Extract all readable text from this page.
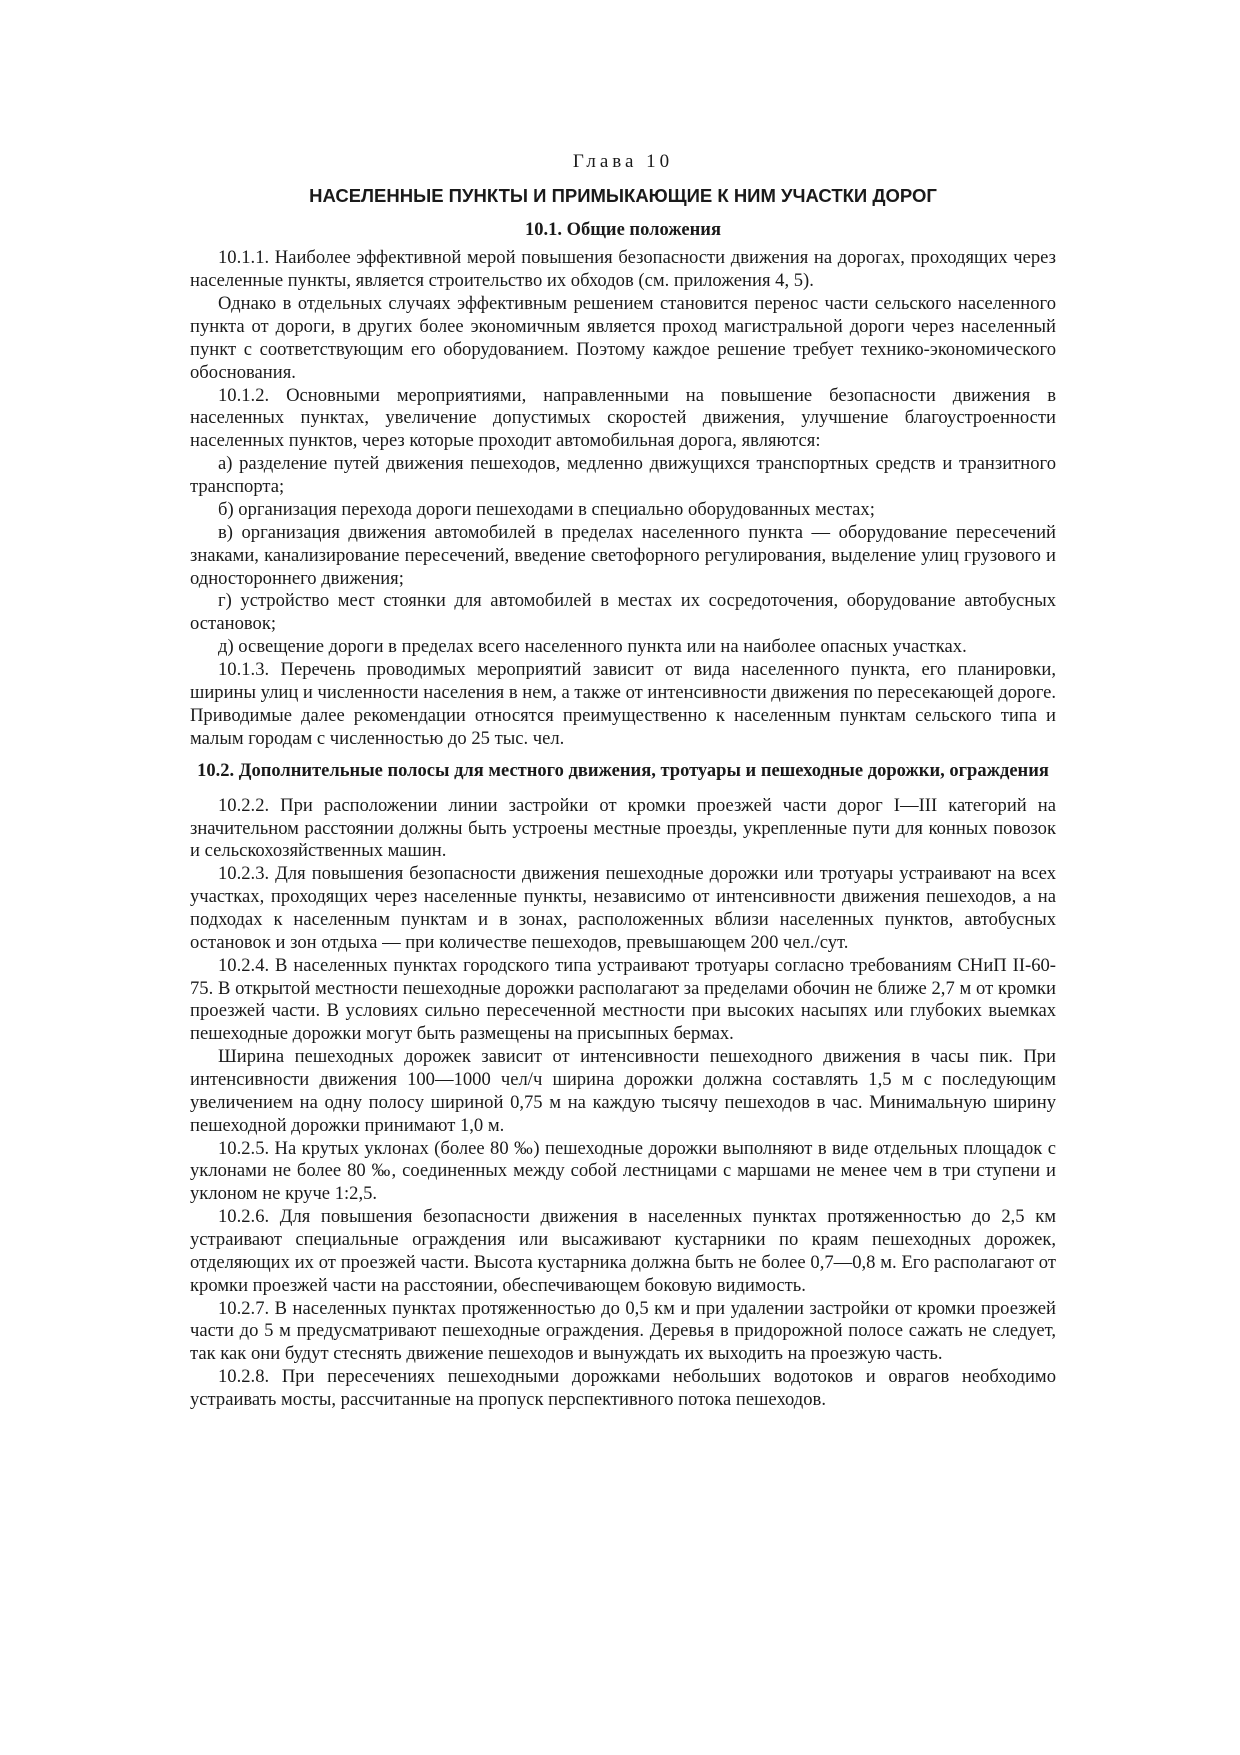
Глава 10
НАСЕЛЕННЫЕ ПУНКТЫ И ПРИМЫКАЮЩИЕ К НИМ УЧАСТКИ ДОРОГ
10.1. Общие положения

10.1.1. Наиболее эффективной мерой повышения безопасности движения на дорогах, проходящих через населенные пункты, является строительство их обходов (см. приложения 4, 5).

Однако в отдельных случаях эффективным решением становится перенос части сельского населенного пункта от дороги, в других более экономичным является проход магистральной дороги через населенный пункт с соответствующим его оборудованием. Поэтому каждое решение требует технико-экономического обоснования.

10.1.2. Основными мероприятиями, направленными на повышение безопасности движения в населенных пунктах, увеличение допустимых скоростей движения, улучшение благоустроенности населенных пунктов, через которые проходит автомобильная дорога, являются:

а) разделение путей движения пешеходов, медленно движущихся транспортных средств и транзитного транспорта;

б) организация перехода дороги пешеходами в специально оборудованных местах;

в) организация движения автомобилей в пределах населенного пункта — оборудование пересечений знаками, канализирование пересечений, введение светофорного регулирования, выделение улиц грузового и одностороннего движения;

г) устройство мест стоянки для автомобилей в местах их сосредоточения, оборудование автобусных остановок;

д) освещение дороги в пределах всего населенного пункта или на наиболее опасных участках.

10.1.3. Перечень проводимых мероприятий зависит от вида населенного пункта, его планировки, ширины улиц и численности населения в нем, а также от интенсивности движения по пересекающей дороге. Приводимые далее рекомендации относятся преимущественно к населенным пунктам сельского типа и малым городам с численностью до 25 тыс. чел.

10.2. Дополнительные полосы для местного движения, тротуары и пешеходные дорожки, ограждения

10.2.2. При расположении линии застройки от кромки проезжей части дорог I—III категорий на значительном расстоянии должны быть устроены местные проезды, укрепленные пути для конных повозок и сельскохозяйственных машин.

10.2.3. Для повышения безопасности движения пешеходные дорожки или тротуары устраивают на всех участках, проходящих через населенные пункты, независимо от интенсивности движения пешеходов, а на подходах к населенным пунктам и в зонах, расположенных вблизи населенных пунктов, автобусных остановок и зон отдыха — при количестве пешеходов, превышающем 200 чел./сут.

10.2.4. В населенных пунктах городского типа устраивают тротуары согласно требованиям СНиП II-60-75. В открытой местности пешеходные дорожки располагают за пределами обочин не ближе 2,7 м от кромки проезжей части. В условиях сильно пересеченной местности при высоких насыпях или глубоких выемках пешеходные дорожки могут быть размещены на присыпных бермах.

Ширина пешеходных дорожек зависит от интенсивности пешеходного движения в часы пик. При интенсивности движения 100—1000 чел/ч ширина дорожки должна составлять 1,5 м с последующим увеличением на одну полосу шириной 0,75 м на каждую тысячу пешеходов в час. Минимальную ширину пешеходной дорожки принимают 1,0 м.

10.2.5. На крутых уклонах (более 80 ‰) пешеходные дорожки выполняют в виде отдельных площадок с уклонами не более 80 ‰, соединенных между собой лестницами с маршами не менее чем в три ступени и уклоном не круче 1:2,5.

10.2.6. Для повышения безопасности движения в населенных пунктах протяженностью до 2,5 км устраивают специальные ограждения или высаживают кустарники по краям пешеходных дорожек, отделяющих их от проезжей части. Высота кустарника должна быть не более 0,7—0,8 м. Его располагают от кромки проезжей части на расстоянии, обеспечивающем боковую видимость.

10.2.7. В населенных пунктах протяженностью до 0,5 км и при удалении застройки от кромки проезжей части до 5 м предусматривают пешеходные ограждения. Деревья в придорожной полосе сажать не следует, так как они будут стеснять движение пешеходов и вынуждать их выходить на проезжую часть.

10.2.8. При пересечениях пешеходными дорожками небольших водотоков и оврагов необходимо устраивать мосты, рассчитанные на пропуск перспективного потока пешеходов.
